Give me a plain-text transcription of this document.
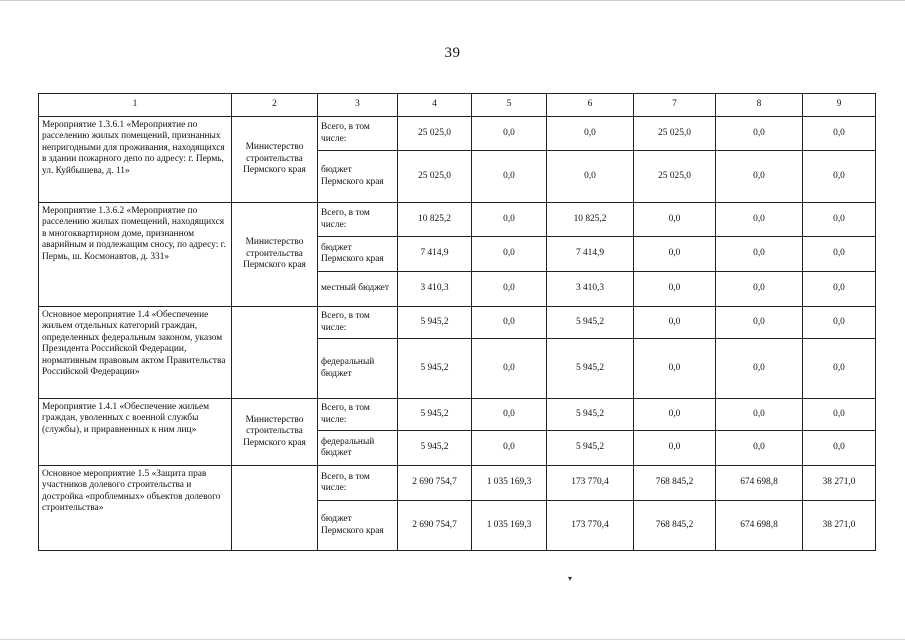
39
1	2	3	4	5	6	7	8	9
Мероприятие 1.3.6.1 «Мероприятие по расселению жилых помещений, признанных непригодными для проживания, находящихся в здании пожарного депо по адресу: г. Пермь, ул. Куйбышева, д. 11»	Министерство строительства Пермского края	Всего, в том числе:	25 025,0	0,0	0,0	25 025,0	0,0	0,0
		бюджет Пермского края	25 025,0	0,0	0,0	25 025,0	0,0	0,0
Мероприятие 1.3.6.2 «Мероприятие по расселению жилых помещений, находящихся в многоквартирном доме, признанном аварийным и подлежащим сносу, по адресу: г. Пермь, ш. Космонавтов, д. 331»	Министерство строительства Пермского края	Всего, в том числе:	10 825,2	0,0	10 825,2	0,0	0,0	0,0
		бюджет Пермского края	7 414,9	0,0	7 414,9	0,0	0,0	0,0
		местный бюджет	3 410,3	0,0	3 410,3	0,0	0,0	0,0
Основное мероприятие 1.4 «Обеспечение жильем отдельных категорий граждан, определенных федеральным законом, указом Президента Российской Федерации, нормативным правовым актом Правительства Российской Федерации»		Всего, в том числе:	5 945,2	0,0	5 945,2	0,0	0,0	0,0
		федеральный бюджет	5 945,2	0,0	5 945,2	0,0	0,0	0,0
Мероприятие 1.4.1 «Обеспечение жильем граждан, уволенных с военной службы (службы), и приравненных к ним лиц»	Министерство строительства Пермского края	Всего, в том числе:	5 945,2	0,0	5 945,2	0,0	0,0	0,0
		федеральный бюджет	5 945,2	0,0	5 945,2	0,0	0,0	0,0
Основное мероприятие 1.5 «Защита прав участников долевого строительства и достройка «проблемных» объектов долевого строительства»		Всего, в том числе:	2 690 754,7	1 035 169,3	173 770,4	768 845,2	674 698,8	38 271,0
		бюджет Пермского края	2 690 754,7	1 035 169,3	173 770,4	768 845,2	674 698,8	38 271,0
▾
